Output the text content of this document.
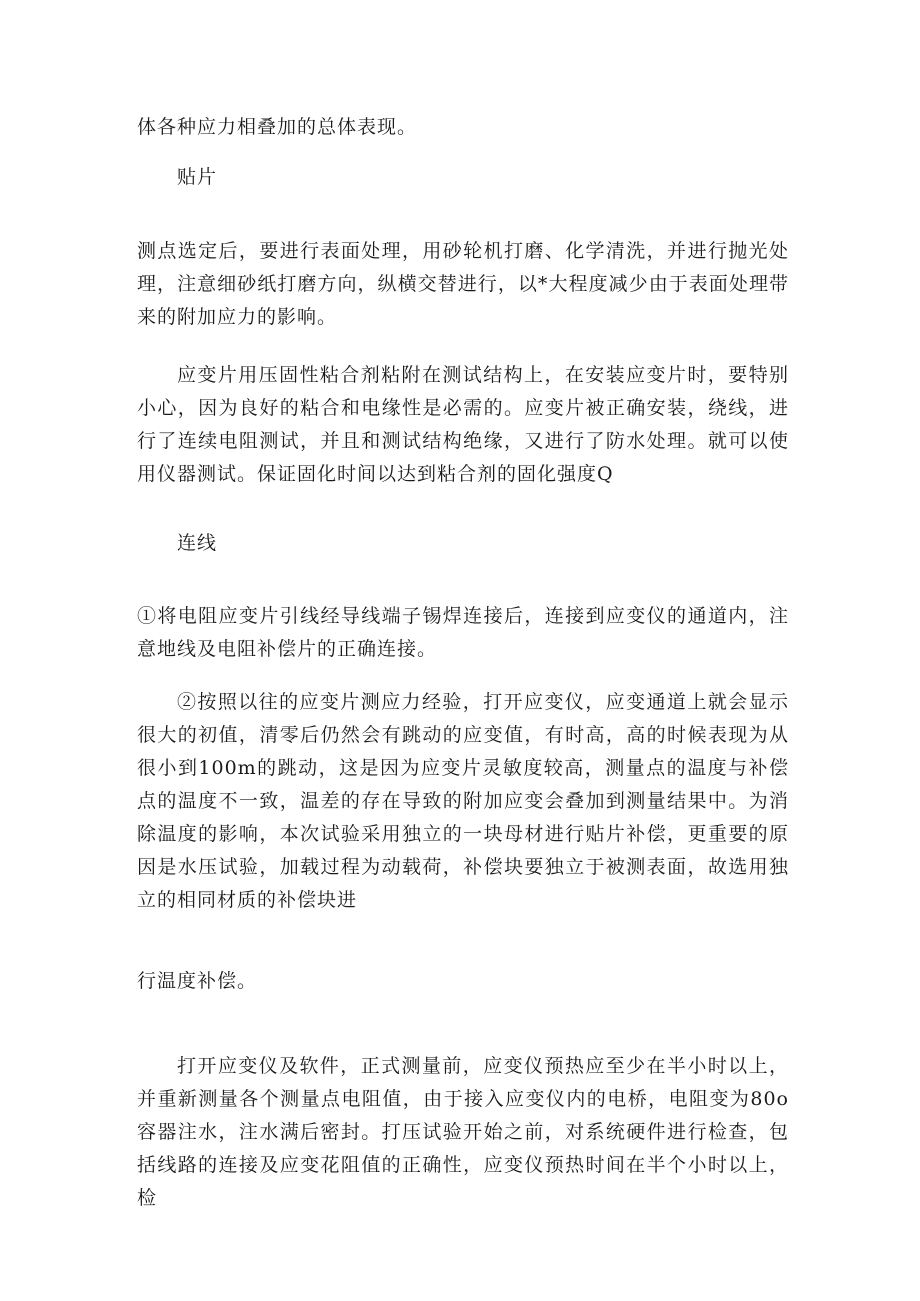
体各种应力相叠加的总体表现。

贴片

测点选定后，要进行表面处理，用砂轮机打磨、化学清洗，并进行抛光处理，注意细砂纸打磨方向，纵横交替进行，以*大程度减少由于表面处理带来的附加应力的影响。

应变片用压固性粘合剂粘附在测试结构上，在安装应变片时，要特别小心，因为良好的粘合和电缘性是必需的。应变片被正确安装，绕线，进行了连续电阻测试，并且和测试结构绝缘，又进行了防水处理。就可以使用仪器测试。保证固化时间以达到粘合剂的固化强度Q

连线

①将电阻应变片引线经导线端子锡焊连接后，连接到应变仪的通道内，注意地线及电阻补偿片的正确连接。

②按照以往的应变片测应力经验，打开应变仪，应变通道上就会显示很大的初值，清零后仍然会有跳动的应变值，有时高，高的时候表现为从很小到100m的跳动，这是因为应变片灵敏度较高，测量点的温度与补偿点的温度不一致，温差的存在导致的附加应变会叠加到测量结果中。为消除温度的影响，本次试验采用独立的一块母材进行贴片补偿，更重要的原因是水压试验，加载过程为动载荷，补偿块要独立于被测表面，故选用独立的相同材质的补偿块进

行温度补偿。

打开应变仪及软件，正式测量前，应变仪预热应至少在半小时以上，并重新测量各个测量点电阻值，由于接入应变仪内的电桥，电阻变为80o容器注水，注水满后密封。打压试验开始之前，对系统硬件进行检查，包括线路的连接及应变花阻值的正确性，应变仪预热时间在半个小时以上，检
